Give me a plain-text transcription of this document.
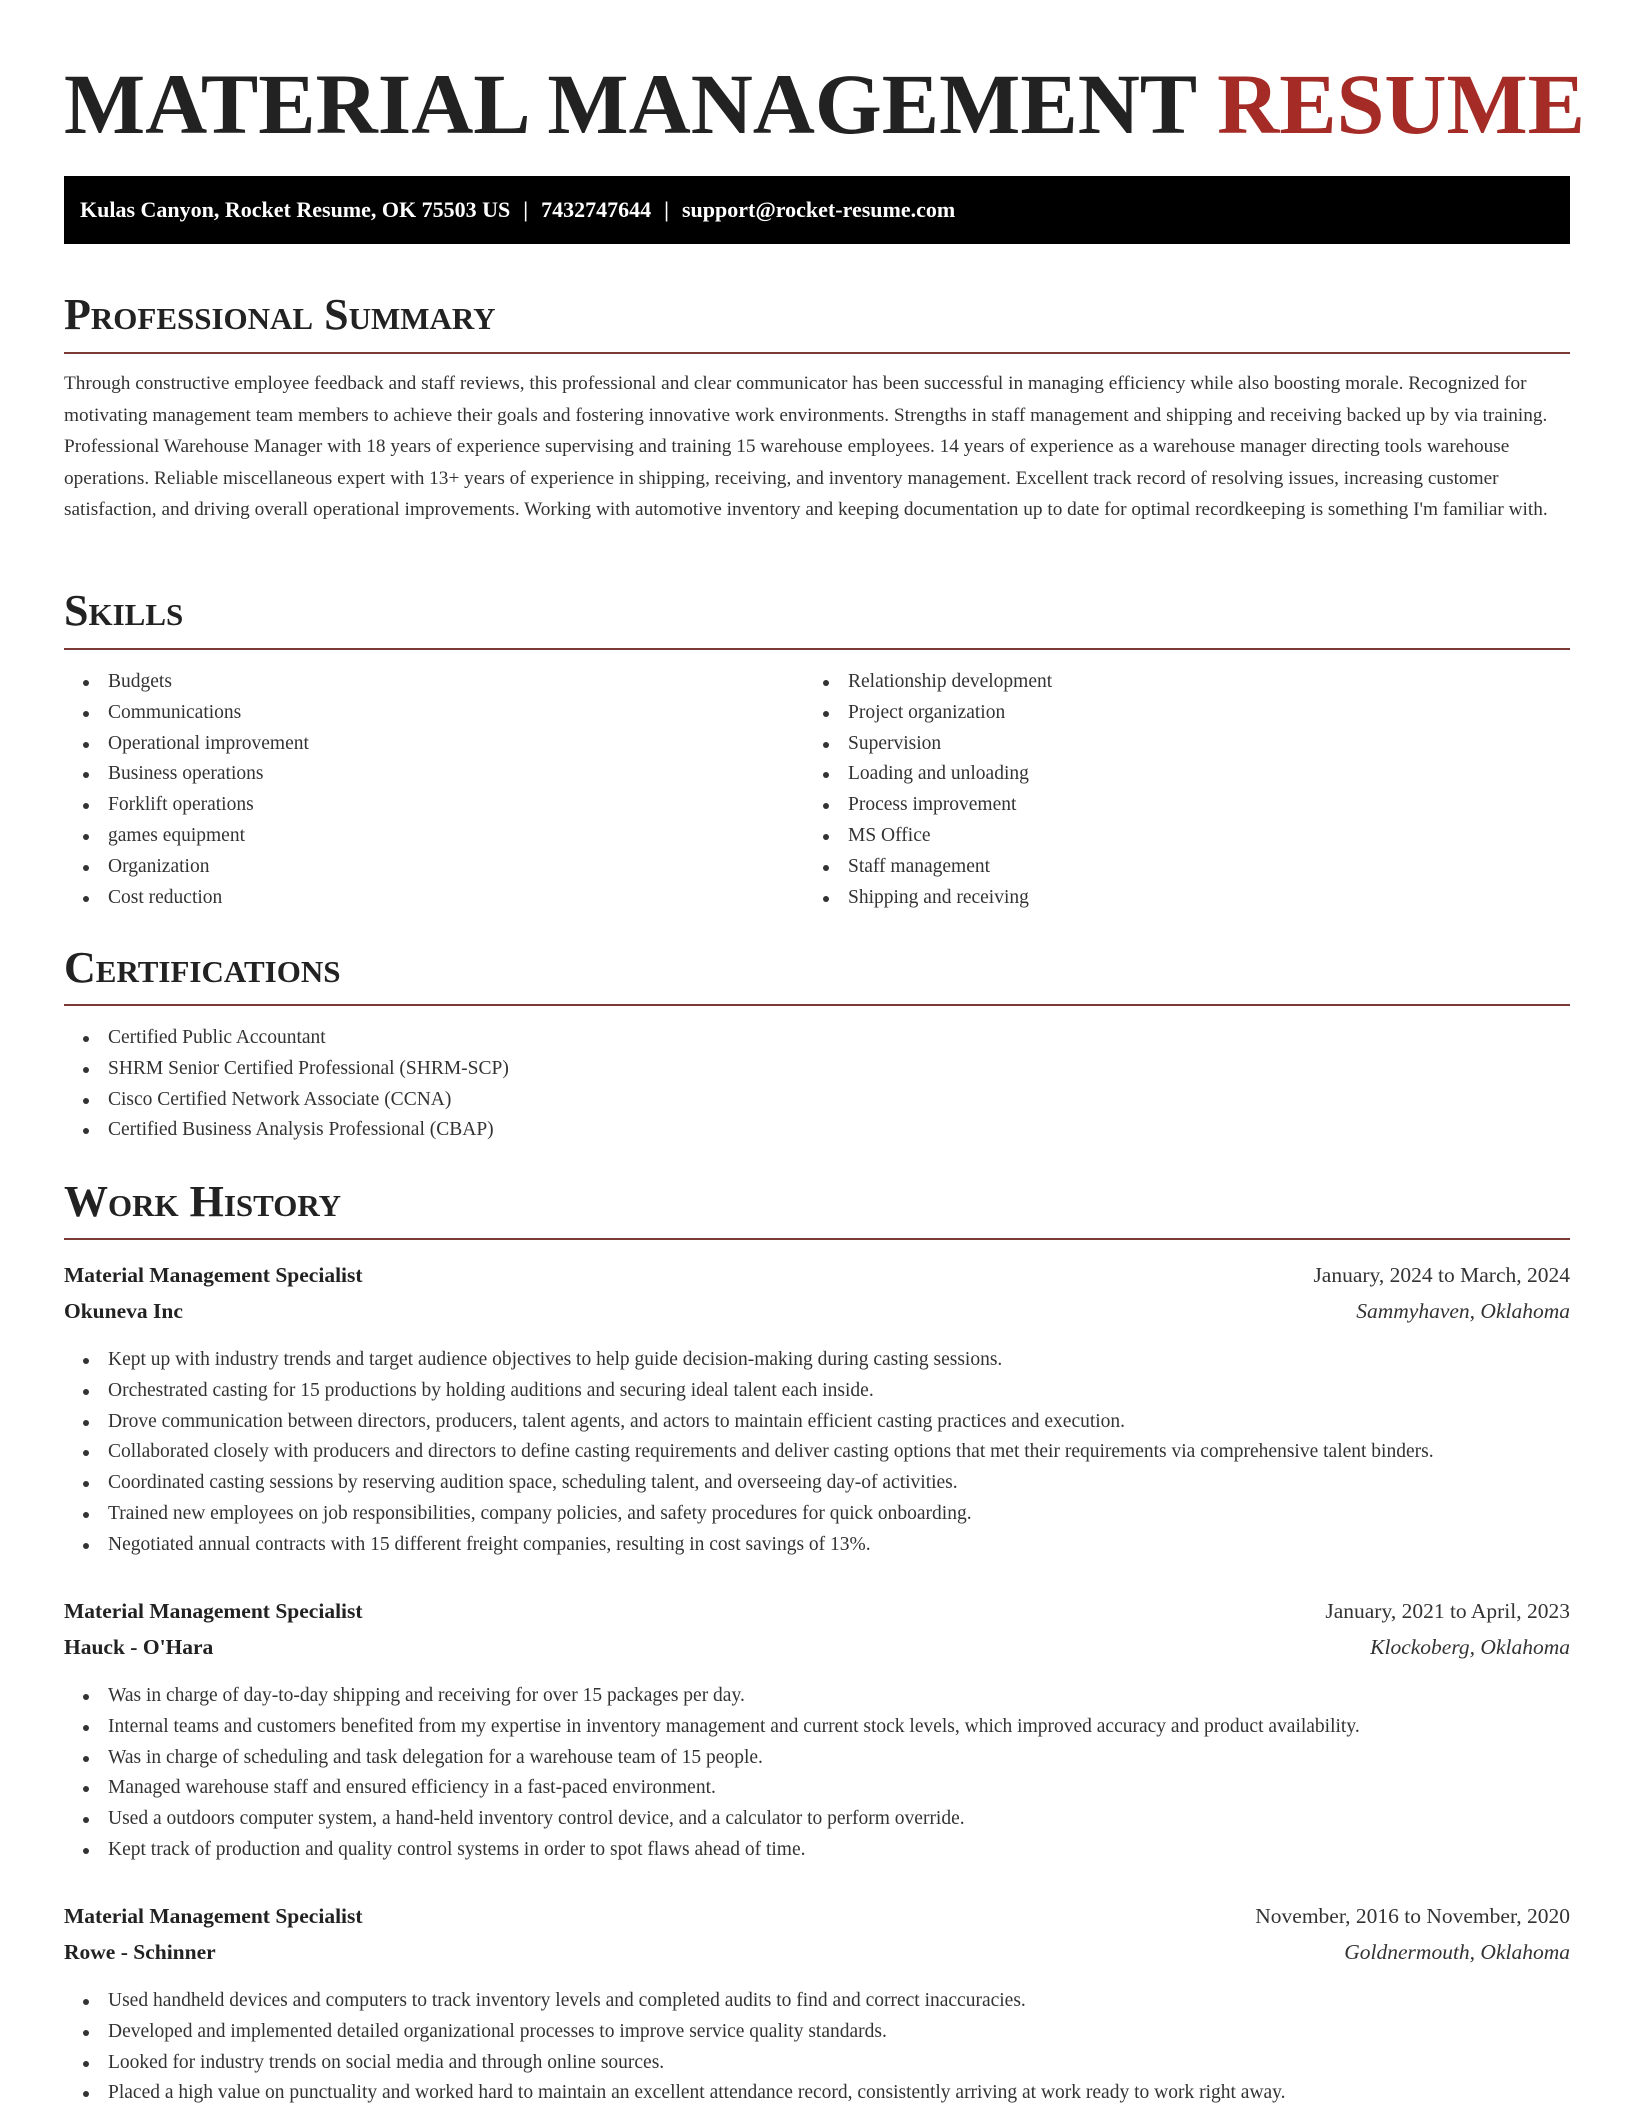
MATERIAL MANAGEMENT RESUME
Kulas Canyon, Rocket Resume, OK 75503 US | 7432747644 | support@rocket-resume.com
Professional Summary

Through constructive employee feedback and staff reviews, this professional and clear communicator has been successful in managing efficiency while also boosting morale. Recognized for motivating management team members to achieve their goals and fostering innovative work environments. Strengths in staff management and shipping and receiving backed up by via training. Professional Warehouse Manager with 18 years of experience supervising and training 15 warehouse employees. 14 years of experience as a warehouse manager directing tools warehouse operations. Reliable miscellaneous expert with 13+ years of experience in shipping, receiving, and inventory management. Excellent track record of resolving issues, increasing customer satisfaction, and driving overall operational improvements. Working with automotive inventory and keeping documentation up to date for optimal recordkeeping is something I'm familiar with.

Skills
Budgets
Communications
Operational improvement
Business operations
Forklift operations
games equipment
Organization
Cost reduction
Relationship development
Project organization
Supervision
Loading and unloading
Process improvement
MS Office
Staff management
Shipping and receiving
Certifications
Certified Public Accountant
SHRM Senior Certified Professional (SHRM-SCP)
Cisco Certified Network Associate (CCNA)
Certified Business Analysis Professional (CBAP)
Work History
Material Management Specialist	January, 2024 to March, 2024
Okuneva Inc	Sammyhaven, Oklahoma
Kept up with industry trends and target audience objectives to help guide decision-making during casting sessions.
Orchestrated casting for 15 productions by holding auditions and securing ideal talent each inside.
Drove communication between directors, producers, talent agents, and actors to maintain efficient casting practices and execution.
Collaborated closely with producers and directors to define casting requirements and deliver casting options that met their requirements via comprehensive talent binders.
Coordinated casting sessions by reserving audition space, scheduling talent, and overseeing day-of activities.
Trained new employees on job responsibilities, company policies, and safety procedures for quick onboarding.
Negotiated annual contracts with 15 different freight companies, resulting in cost savings of 13%.
Material Management Specialist	January, 2021 to April, 2023
Hauck - O'Hara	Klockoberg, Oklahoma
Was in charge of day-to-day shipping and receiving for over 15 packages per day.
Internal teams and customers benefited from my expertise in inventory management and current stock levels, which improved accuracy and product availability.
Was in charge of scheduling and task delegation for a warehouse team of 15 people.
Managed warehouse staff and ensured efficiency in a fast-paced environment.
Used a outdoors computer system, a hand-held inventory control device, and a calculator to perform override.
Kept track of production and quality control systems in order to spot flaws ahead of time.
Material Management Specialist	November, 2016 to November, 2020
Rowe - Schinner	Goldnermouth, Oklahoma
Used handheld devices and computers to track inventory levels and completed audits to find and correct inaccuracies.
Developed and implemented detailed organizational processes to improve service quality standards.
Looked for industry trends on social media and through online sources.
Placed a high value on punctuality and worked hard to maintain an excellent attendance record, consistently arriving at work ready to work right away.
